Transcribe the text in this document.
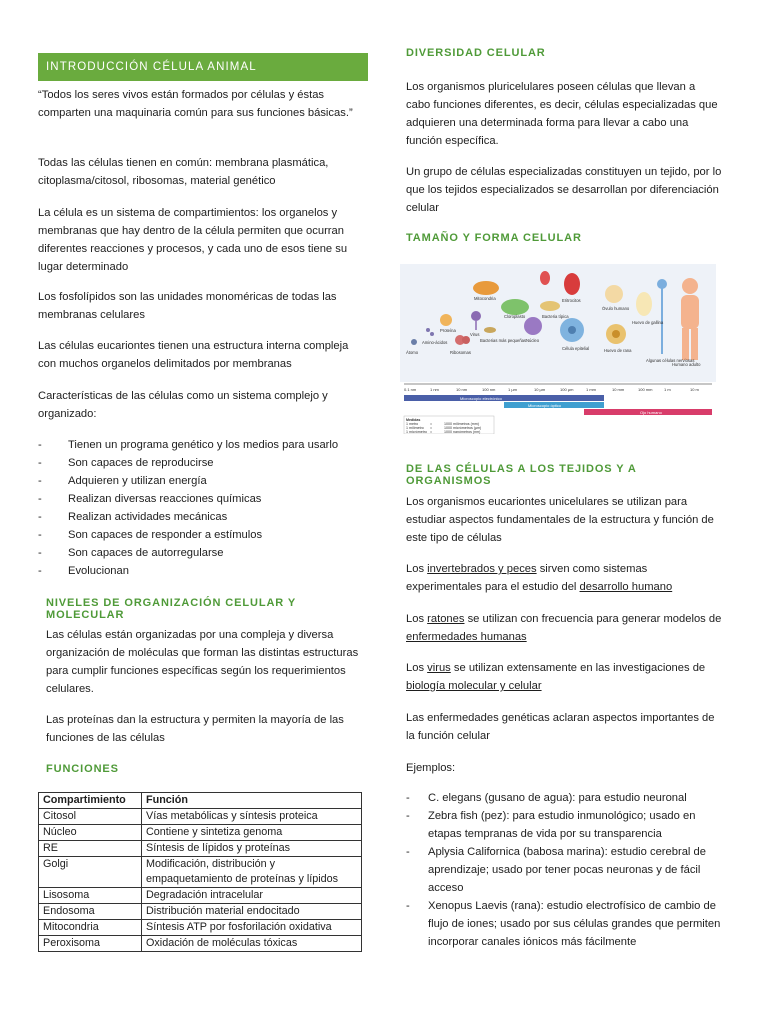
INTRODUCCIÓN CÉLULA ANIMAL

“Todos los seres vivos están formados por células y éstas comparten una maquinaria común para sus funciones básicas.”

Todas las células tienen en común: membrana plasmática, citoplasma/citosol, ribosomas, material genético

La célula es un sistema de compartimientos: los organelos y membranas que hay dentro de la célula permiten que ocurran diferentes reacciones y procesos, y cada uno de esos tiene su lugar determinado

Los fosfolípidos son las unidades monoméricas de todas las membranas celulares

Las células eucariontes tienen una estructura interna compleja con muchos organelos delimitados por membranas

Características de las células como un sistema complejo y organizado:

- Tienen un programa genético y los medios para usarlo
- Son capaces de reproducirse
- Adquieren y utilizan energía
- Realizan diversas reacciones químicas
- Realizan actividades mecánicas
- Son capaces de responder a estímulos
- Son capaces de autorregularse
- Evolucionan

NIVELES DE ORGANIZACIÓN CELULAR Y MOLECULAR

Las células están organizadas por una compleja y diversa organización de moléculas que forman las distintas estructuras para cumplir funciones específicas según los requerimientos celulares.

Las proteínas dan la estructura y permiten la mayoría de las funciones de las células

FUNCIONES

Compartimiento	Función
Citosol	Vías metabólicas y síntesis proteica
Núcleo	Contiene y sintetiza genoma
RE	Síntesis de lípidos y proteínas
Golgi	Modificación, distribución y empaquetamiento de proteínas y lípidos
Lisosoma	Degradación intracelular
Endosoma	Distribución material endocitado
Mitocondria	Síntesis ATP por fosforilación oxidativa
Peroxisoma	Oxidación de moléculas tóxicas

DIVERSIDAD CELULAR

Los organismos pluricelulares poseen células que llevan a cabo funciones diferentes, es decir, células especializadas que adquieren una determinada forma para llevar a cabo una función específica.

Un grupo de células especializadas constituyen un tejido, por lo que los tejidos especializados se desarrollan por diferenciación celular

TAMAÑO Y FORMA CELULAR

Mitocondria	Eritrocitos
Cloroplasto	Bacteria típica
Proteína
Amino-ácidos
Virus
Ribosomas
Bacterias más pequeñas Núcleo
Átomo
Célula epitelial
Óvulo humano
Huevo de rana
Huevo de gallina
Algunas células nerviosas
Humano adulto
0.1 nm	1 nm	10 nm	100 nm	1 µm	10 µm	100 µm	1 mm	10 mm	100 mm	1 m	10 m
Microscopio electrónico
Microscopio óptico
Ojo humano
Medidas
1 metro	=	1000 milímetros (mm)
1 milímetro =	1000 micrómetros (µm)
1 micrómetro =	1000 nanómetros (nm)

DE LAS CÉLULAS A LOS TEJIDOS Y A ORGANISMOS

Los organismos eucariontes unicelulares se utilizan para estudiar aspectos fundamentales de la estructura y función de este tipo de células

Los invertebrados y peces sirven como sistemas experimentales para el estudio del desarrollo humano

Los ratones se utilizan con frecuencia para generar modelos de enfermedades humanas

Los virus se utilizan extensamente en las investigaciones de biología molecular y celular

Las enfermedades genéticas aclaran aspectos importantes de la función celular

Ejemplos:

- C. elegans (gusano de agua): para estudio neuronal
- Zebra fish (pez): para estudio inmunológico; usado en etapas tempranas de vida por su transparencia
- Aplysia Californica (babosa marina): estudio cerebral de aprendizaje; usado por tener pocas neuronas y de fácil acceso
- Xenopus Laevis (rana): estudio electrofísico de cambio de flujo de iones; usado por sus células grandes que permiten incorporar canales iónicos más fácilmente
